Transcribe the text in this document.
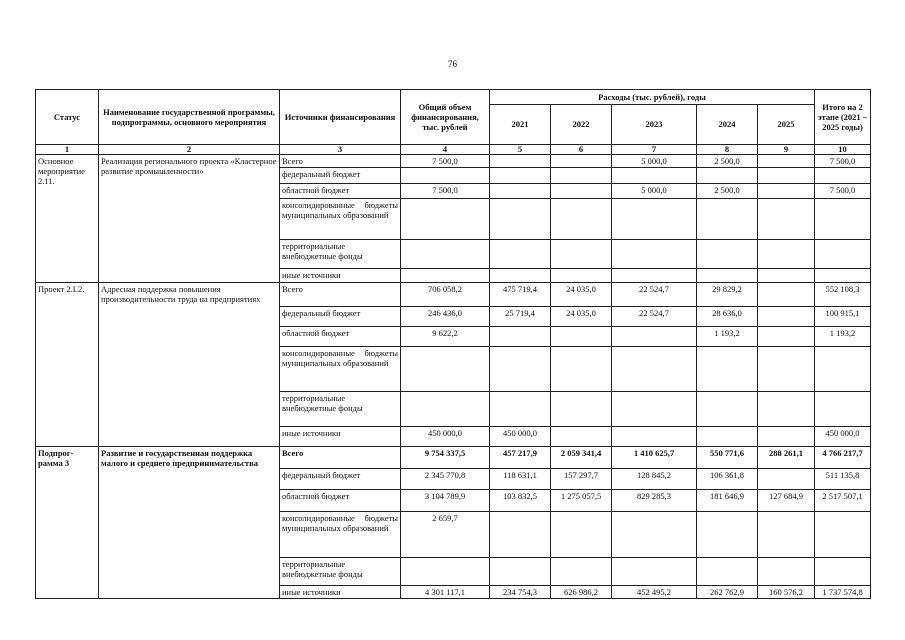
76
Статус	Наименование государственной программы, подпрограммы, основного мероприятия	Источники финансирования	Общий объем финансирования, тыс. рублей	Расходы (тыс. рублей), годы					Итого на 2 этапе (2021 – 2025 годы)
				2021	2022	2023	2024	2025	
1	2	3	4	5	6	7	8	9	10
Основное мероприятие 2.11.	Реализация регионального проекта «Кластерное развитие промышленности»	Всего	7 500,0			5 000,0	2 500,0		7 500,0
		федеральный бюджет							
		областной бюджет	7 500,0			5 000,0	2 500,0		7 500,0
		консолидированные бюджеты муниципальных образований							
		территориальные внебюджетные фонды							
		иные источники							
Проект 2.L2.	Адресная поддержка повышения производительности труда на предприятиях	Всего	706 058,2	475 719,4	24 035,0	22 524,7	29 829,2		552 108,3
		федеральный бюджет	246 436,0	25 719,4	24 035,0	22 524,7	28 636,0		100 915,1
		областной бюджет	9 622,2				1 193,2		1 193,2
		консолидированные бюджеты муниципальных образований							
		территориальные внебюджетные фонды							
		иные источники	450 000,0	450 000,0					450 000,0
Подпрог-рамма 3	Развитие и государственная поддержка малого и среднего предпринимательства	Всего	9 754 337,5	457 217,9	2 059 341,4	1 410 625,7	550 771,6	288 261,1	4 766 217,7
		федеральный бюджет	2 345 770,8	118 631,1	157 297,7	128 845,2	106 361,8		511 135,8
		областной бюджет	3 104 789,9	103 832,5	1 275 057,5	829 285,3	181 646,9	127 684,9	2 517 507,1
		консолидированные бюджеты муниципальных образований	2 659,7						
		территориальные внебюджетные фонды							
		иные источники	4 301 117,1	234 754,3	626 986,2	452 495,2	262 762,9	160 576,2	1 737 574,8
